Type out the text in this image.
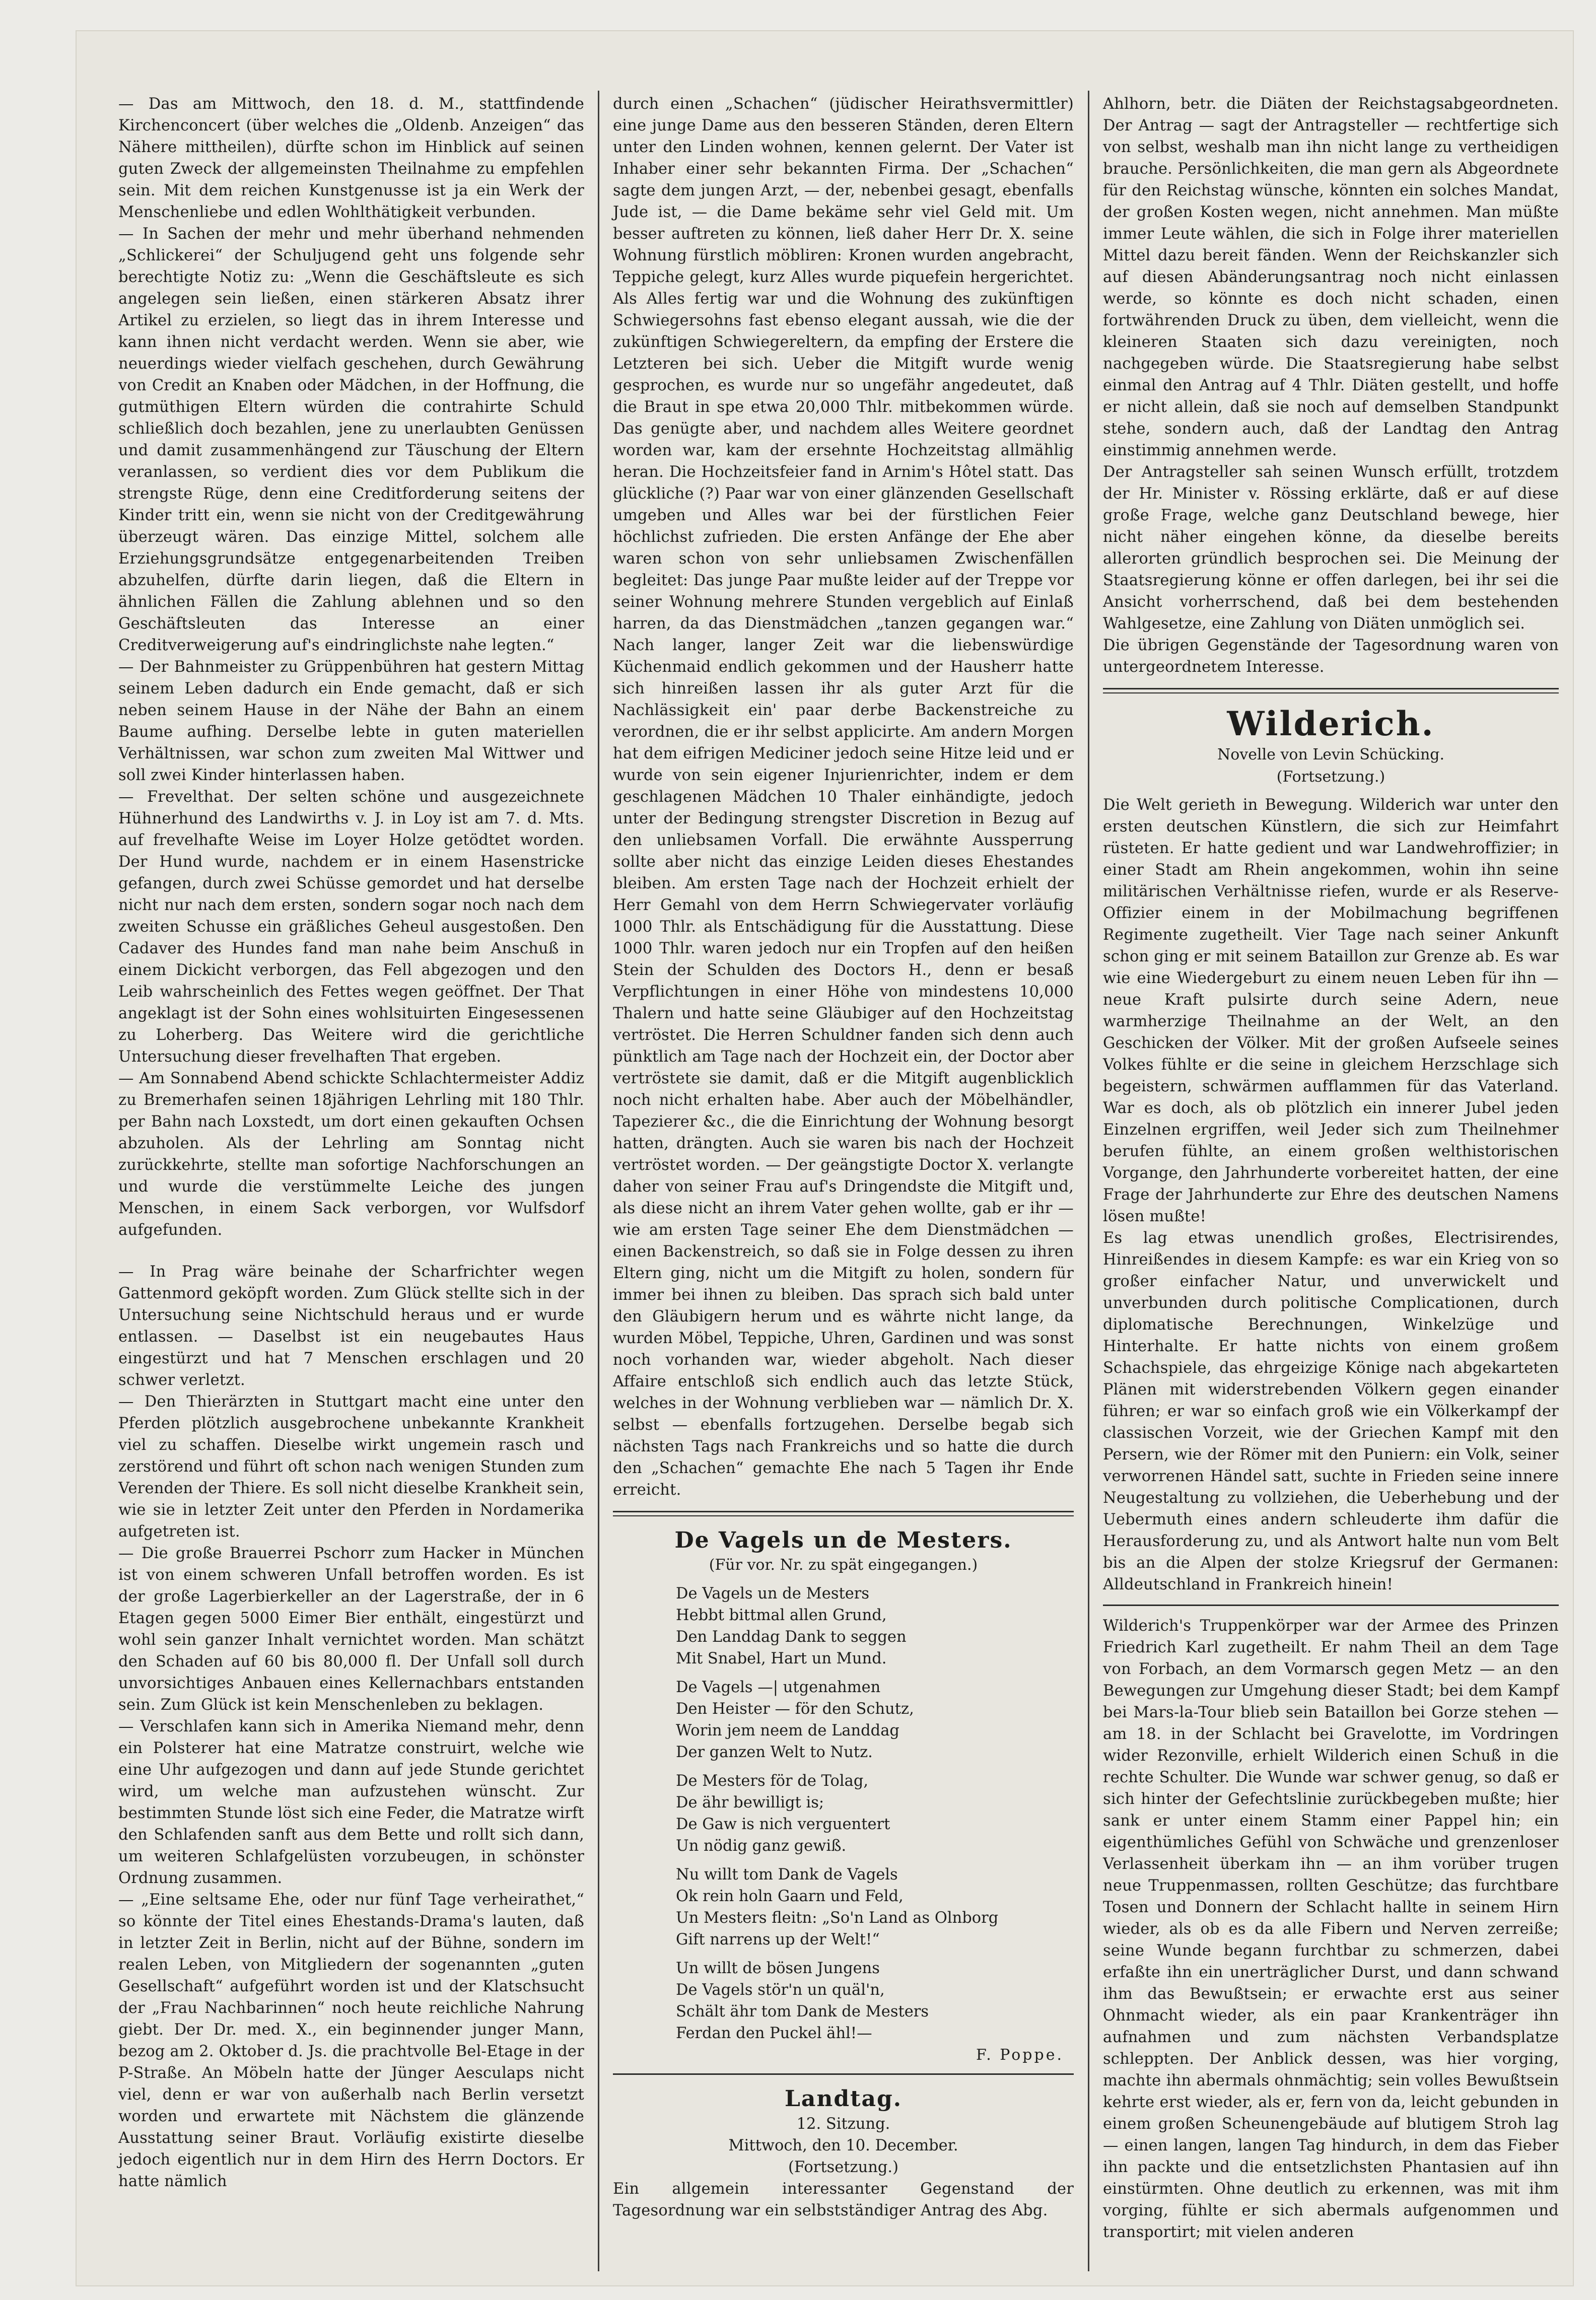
— Das am Mittwoch, den 18. d. M., stattfindende Kirchenconcert (über welches die „Oldenb. Anzeigen“ das Nähere mittheilen), dürfte schon im Hinblick auf seinen guten Zweck der allgemeinsten Theilnahme zu empfehlen sein. Mit dem reichen Kunstgenusse ist ja ein Werk der Menschenliebe und edlen Wohlthätigkeit verbunden.

— In Sachen der mehr und mehr überhand nehmenden „Schlickerei“ der Schuljugend geht uns folgende sehr berechtigte Notiz zu: „Wenn die Geschäftsleute es sich angelegen sein ließen, einen stärkeren Absatz ihrer Artikel zu erzielen, so liegt das in ihrem Interesse und kann ihnen nicht verdacht werden. Wenn sie aber, wie neuerdings wieder vielfach geschehen, durch Gewährung von Credit an Knaben oder Mädchen, in der Hoffnung, die gutmüthigen Eltern würden die contrahirte Schuld schließlich doch bezahlen, jene zu unerlaubten Genüssen und damit zusammenhängend zur Täuschung der Eltern veranlassen, so verdient dies vor dem Publikum die strengste Rüge, denn eine Creditforderung seitens der Kinder tritt ein, wenn sie nicht von der Creditgewährung überzeugt wären. Das einzige Mittel, solchem alle Erziehungsgrundsätze entgegenarbeitenden Treiben abzuhelfen, dürfte darin liegen, daß die Eltern in ähnlichen Fällen die Zahlung ablehnen und so den Geschäftsleuten das Interesse an einer Creditverweigerung auf's eindringlichste nahe legten.“

— Der Bahnmeister zu Grüppenbühren hat gestern Mittag seinem Leben dadurch ein Ende gemacht, daß er sich neben seinem Hause in der Nähe der Bahn an einem Baume aufhing. Derselbe lebte in guten materiellen Verhältnissen, war schon zum zweiten Mal Wittwer und soll zwei Kinder hinterlassen haben.

— Frevelthat. Der selten schöne und ausgezeichnete Hühnerhund des Landwirths v. J. in Loy ist am 7. d. Mts. auf frevelhafte Weise im Loyer Holze getödtet worden. Der Hund wurde, nachdem er in einem Hasenstricke gefangen, durch zwei Schüsse gemordet und hat derselbe nicht nur nach dem ersten, sondern sogar noch nach dem zweiten Schusse ein gräßliches Geheul ausgestoßen. Den Cadaver des Hundes fand man nahe beim Anschuß in einem Dickicht verborgen, das Fell abgezogen und den Leib wahrscheinlich des Fettes wegen geöffnet. Der That angeklagt ist der Sohn eines wohlsituirten Eingesessenen zu Loherberg. Das Weitere wird die gerichtliche Untersuchung dieser frevelhaften That ergeben.

— Am Sonnabend Abend schickte Schlachtermeister Addiz zu Bremerhafen seinen 18jährigen Lehrling mit 180 Thlr. per Bahn nach Loxstedt, um dort einen gekauften Ochsen abzuholen. Als der Lehrling am Sonntag nicht zurückkehrte, stellte man sofortige Nachforschungen an und wurde die verstümmelte Leiche des jungen Menschen, in einem Sack verborgen, vor Wulfsdorf aufgefunden.

— In Prag wäre beinahe der Scharfrichter wegen Gattenmord geköpft worden. Zum Glück stellte sich in der Untersuchung seine Nichtschuld heraus und er wurde entlassen. — Daselbst ist ein neugebautes Haus eingestürzt und hat 7 Menschen erschlagen und 20 schwer verletzt.

— Den Thierärzten in Stuttgart macht eine unter den Pferden plötzlich ausgebrochene unbekannte Krankheit viel zu schaffen. Dieselbe wirkt ungemein rasch und zerstörend und führt oft schon nach wenigen Stunden zum Verenden der Thiere. Es soll nicht dieselbe Krankheit sein, wie sie in letzter Zeit unter den Pferden in Nordamerika aufgetreten ist.

— Die große Brauerrei Pschorr zum Hacker in München ist von einem schweren Unfall betroffen worden. Es ist der große Lagerbierkeller an der Lagerstraße, der in 6 Etagen gegen 5000 Eimer Bier enthält, eingestürzt und wohl sein ganzer Inhalt vernichtet worden. Man schätzt den Schaden auf 60 bis 80,000 fl. Der Unfall soll durch unvorsichtiges Anbauen eines Kellernachbars entstanden sein. Zum Glück ist kein Menschenleben zu beklagen.

— Verschlafen kann sich in Amerika Niemand mehr, denn ein Polsterer hat eine Matratze construirt, welche wie eine Uhr aufgezogen und dann auf jede Stunde gerichtet wird, um welche man aufzustehen wünscht. Zur bestimmten Stunde löst sich eine Feder, die Matratze wirft den Schlafenden sanft aus dem Bette und rollt sich dann, um weiteren Schlafgelüsten vorzubeugen, in schönster Ordnung zusammen.

— „Eine seltsame Ehe, oder nur fünf Tage verheirathet,“ so könnte der Titel eines Ehestands-Drama's lauten, daß in letzter Zeit in Berlin, nicht auf der Bühne, sondern im realen Leben, von Mitgliedern der sogenannten „guten Gesellschaft“ aufgeführt worden ist und der Klatschsucht der „Frau Nachbarinnen“ noch heute reichliche Nahrung giebt. Der Dr. med. X., ein beginnender junger Mann, bezog am 2. Oktober d. Js. die prachtvolle Bel-Etage in der P-Straße. An Möbeln hatte der Jünger Aesculaps nicht viel, denn er war von außerhalb nach Berlin versetzt worden und erwartete mit Nächstem die glänzende Ausstattung seiner Braut. Vorläufig existirte dieselbe jedoch eigentlich nur in dem Hirn des Herrn Doctors. Er hatte nämlich

durch einen „Schachen“ (jüdischer Heirathsvermittler) eine junge Dame aus den besseren Ständen, deren Eltern unter den Linden wohnen, kennen gelernt. Der Vater ist Inhaber einer sehr bekannten Firma. Der „Schachen“ sagte dem jungen Arzt, — der, nebenbei gesagt, ebenfalls Jude ist, — die Dame bekäme sehr viel Geld mit. Um besser auftreten zu können, ließ daher Herr Dr. X. seine Wohnung fürstlich möbliren: Kronen wurden angebracht, Teppiche gelegt, kurz Alles wurde piquefein hergerichtet. Als Alles fertig war und die Wohnung des zukünftigen Schwiegersohns fast ebenso elegant aussah, wie die der zukünftigen Schwiegereltern, da empfing der Erstere die Letzteren bei sich. Ueber die Mitgift wurde wenig gesprochen, es wurde nur so ungefähr angedeutet, daß die Braut in spe etwa 20,000 Thlr. mitbekommen würde. Das genügte aber, und nachdem alles Weitere geordnet worden war, kam der ersehnte Hochzeitstag allmählig heran. Die Hochzeitsfeier fand in Arnim's Hôtel statt. Das glückliche (?) Paar war von einer glänzenden Gesellschaft umgeben und Alles war bei der fürstlichen Feier höchlichst zufrieden. Die ersten Anfänge der Ehe aber waren schon von sehr unliebsamen Zwischenfällen begleitet: Das junge Paar mußte leider auf der Treppe vor seiner Wohnung mehrere Stunden vergeblich auf Einlaß harren, da das Dienstmädchen „tanzen gegangen war.“ Nach langer, langer Zeit war die liebenswürdige Küchenmaid endlich gekommen und der Hausherr hatte sich hinreißen lassen ihr als guter Arzt für die Nachlässigkeit ein' paar derbe Backenstreiche zu verordnen, die er ihr selbst applicirte. Am andern Morgen hat dem eifrigen Mediciner jedoch seine Hitze leid und er wurde von sein eigener Injurienrichter, indem er dem geschlagenen Mädchen 10 Thaler einhändigte, jedoch unter der Bedingung strengster Discretion in Bezug auf den unliebsamen Vorfall. Die erwähnte Aussperrung sollte aber nicht das einzige Leiden dieses Ehestandes bleiben. Am ersten Tage nach der Hochzeit erhielt der Herr Gemahl von dem Herrn Schwiegervater vorläufig 1000 Thlr. als Entschädigung für die Ausstattung. Diese 1000 Thlr. waren jedoch nur ein Tropfen auf den heißen Stein der Schulden des Doctors H., denn er besaß Verpflichtungen in einer Höhe von mindestens 10,000 Thalern und hatte seine Gläubiger auf den Hochzeitstag vertröstet. Die Herren Schuldner fanden sich denn auch pünktlich am Tage nach der Hochzeit ein, der Doctor aber vertröstete sie damit, daß er die Mitgift augenblicklich noch nicht erhalten habe. Aber auch der Möbelhändler, Tapezierer &c., die die Einrichtung der Wohnung besorgt hatten, drängten. Auch sie waren bis nach der Hochzeit vertröstet worden. — Der geängstigte Doctor X. verlangte daher von seiner Frau auf's Dringendste die Mitgift und, als diese nicht an ihrem Vater gehen wollte, gab er ihr — wie am ersten Tage seiner Ehe dem Dienstmädchen — einen Backenstreich, so daß sie in Folge dessen zu ihren Eltern ging, nicht um die Mitgift zu holen, sondern für immer bei ihnen zu bleiben. Das sprach sich bald unter den Gläubigern herum und es währte nicht lange, da wurden Möbel, Teppiche, Uhren, Gardinen und was sonst noch vorhanden war, wieder abgeholt. Nach dieser Affaire entschloß sich endlich auch das letzte Stück, welches in der Wohnung verblieben war — nämlich Dr. X. selbst — ebenfalls fortzugehen. Derselbe begab sich nächsten Tags nach Frankreichs und so hatte die durch den „Schachen“ gemachte Ehe nach 5 Tagen ihr Ende erreicht.

De Vagels un de Mesters.
(Für vor. Nr. zu spät eingegangen.)
De Vagels un de Mesters
Hebbt bittmal allen Grund,
Den Landdag Dank to seggen
Mit Snabel, Hart un Mund.
De Vagels —| utgenahmen
Den Heister — för den Schutz,
Worin jem neem de Landdag
Der ganzen Welt to Nutz.
De Mesters för de Tolag,
De ähr bewilligt is;
De Gaw is nich verguentert
Un nödig ganz gewiß.
Nu willt tom Dank de Vagels
Ok rein holn Gaarn und Feld,
Un Mesters fleitn: „So'n Land as Olnborg
Gift narrens up der Welt!“
Un willt de bösen Jungens
De Vagels stör'n un quäl'n,
Schält ähr tom Dank de Mesters
Ferdan den Puckel ähl!—
F. Poppe.
Landtag.
12. Sitzung.
Mittwoch, den 10. December.
(Fortsetzung.)

Ein allgemein interessanter Gegenstand der Tagesordnung war ein selbstständiger Antrag des Abg.

Ahlhorn, betr. die Diäten der Reichstagsabgeordneten. Der Antrag — sagt der Antragsteller — rechtfertige sich von selbst, weshalb man ihn nicht lange zu vertheidigen brauche. Persönlichkeiten, die man gern als Abgeordnete für den Reichstag wünsche, könnten ein solches Mandat, der großen Kosten wegen, nicht annehmen. Man müßte immer Leute wählen, die sich in Folge ihrer materiellen Mittel dazu bereit fänden. Wenn der Reichskanzler sich auf diesen Abänderungsantrag noch nicht einlassen werde, so könnte es doch nicht schaden, einen fortwährenden Druck zu üben, dem vielleicht, wenn die kleineren Staaten sich dazu vereinigten, noch nachgegeben würde. Die Staatsregierung habe selbst einmal den Antrag auf 4 Thlr. Diäten gestellt, und hoffe er nicht allein, daß sie noch auf demselben Standpunkt stehe, sondern auch, daß der Landtag den Antrag einstimmig annehmen werde.

Der Antragsteller sah seinen Wunsch erfüllt, trotzdem der Hr. Minister v. Rössing erklärte, daß er auf diese große Frage, welche ganz Deutschland bewege, hier nicht näher eingehen könne, da dieselbe bereits allerorten gründlich besprochen sei. Die Meinung der Staatsregierung könne er offen darlegen, bei ihr sei die Ansicht vorherrschend, daß bei dem bestehenden Wahlgesetze, eine Zahlung von Diäten unmöglich sei.

Die übrigen Gegenstände der Tagesordnung waren von untergeordnetem Interesse.

Wilderich.
Novelle von Levin Schücking.
(Fortsetzung.)

Die Welt gerieth in Bewegung. Wilderich war unter den ersten deutschen Künstlern, die sich zur Heimfahrt rüsteten. Er hatte gedient und war Landwehroffizier; in einer Stadt am Rhein angekommen, wohin ihn seine militärischen Verhältnisse riefen, wurde er als Reserve-Offizier einem in der Mobilmachung begriffenen Regimente zugetheilt. Vier Tage nach seiner Ankunft schon ging er mit seinem Bataillon zur Grenze ab. Es war wie eine Wiedergeburt zu einem neuen Leben für ihn — neue Kraft pulsirte durch seine Adern, neue warmherzige Theilnahme an der Welt, an den Geschicken der Völker. Mit der großen Aufseele seines Volkes fühlte er die seine in gleichem Herzschlage sich begeistern, schwärmen aufflammen für das Vaterland. War es doch, als ob plötzlich ein innerer Jubel jeden Einzelnen ergriffen, weil Jeder sich zum Theilnehmer berufen fühlte, an einem großen welthistorischen Vorgange, den Jahrhunderte vorbereitet hatten, der eine Frage der Jahrhunderte zur Ehre des deutschen Namens lösen mußte!

Es lag etwas unendlich großes, Electrisirendes, Hinreißendes in diesem Kampfe: es war ein Krieg von so großer einfacher Natur, und unverwickelt und unverbunden durch politische Complicationen, durch diplomatische Berechnungen, Winkelzüge und Hinterhalte. Er hatte nichts von einem großem Schachspiele, das ehrgeizige Könige nach abgekarteten Plänen mit widerstrebenden Völkern gegen einander führen; er war so einfach groß wie ein Völkerkampf der classischen Vorzeit, wie der Griechen Kampf mit den Persern, wie der Römer mit den Puniern: ein Volk, seiner verworrenen Händel satt, suchte in Frieden seine innere Neugestaltung zu vollziehen, die Ueberhebung und der Uebermuth eines andern schleuderte ihm dafür die Herausforderung zu, und als Antwort halte nun vom Belt bis an die Alpen der stolze Kriegsruf der Germanen: Alldeutschland in Frankreich hinein!

Wilderich's Truppenkörper war der Armee des Prinzen Friedrich Karl zugetheilt. Er nahm Theil an dem Tage von Forbach, an dem Vormarsch gegen Metz — an den Bewegungen zur Umgehung dieser Stadt; bei dem Kampf bei Mars-la-Tour blieb sein Bataillon bei Gorze stehen — am 18. in der Schlacht bei Gravelotte, im Vordringen wider Rezonville, erhielt Wilderich einen Schuß in die rechte Schulter. Die Wunde war schwer genug, so daß er sich hinter der Gefechtslinie zurückbegeben mußte; hier sank er unter einem Stamm einer Pappel hin; ein eigenthümliches Gefühl von Schwäche und grenzenloser Verlassenheit überkam ihn — an ihm vorüber trugen neue Truppenmassen, rollten Geschütze; das furchtbare Tosen und Donnern der Schlacht hallte in seinem Hirn wieder, als ob es da alle Fibern und Nerven zerreiße; seine Wunde begann furchtbar zu schmerzen, dabei erfaßte ihn ein unerträglicher Durst, und dann schwand ihm das Bewußtsein; er erwachte erst aus seiner Ohnmacht wieder, als ein paar Krankenträger ihn aufnahmen und zum nächsten Verbandsplatze schleppten. Der Anblick dessen, was hier vorging, machte ihn abermals ohnmächtig; sein volles Bewußtsein kehrte erst wieder, als er, fern von da, leicht gebunden in einem großen Scheunengebäude auf blutigem Stroh lag — einen langen, langen Tag hindurch, in dem das Fieber ihn packte und die entsetzlichsten Phantasien auf ihn einstürmten. Ohne deutlich zu erkennen, was mit ihm vorging, fühlte er sich abermals aufgenommen und transportirt; mit vielen anderen
